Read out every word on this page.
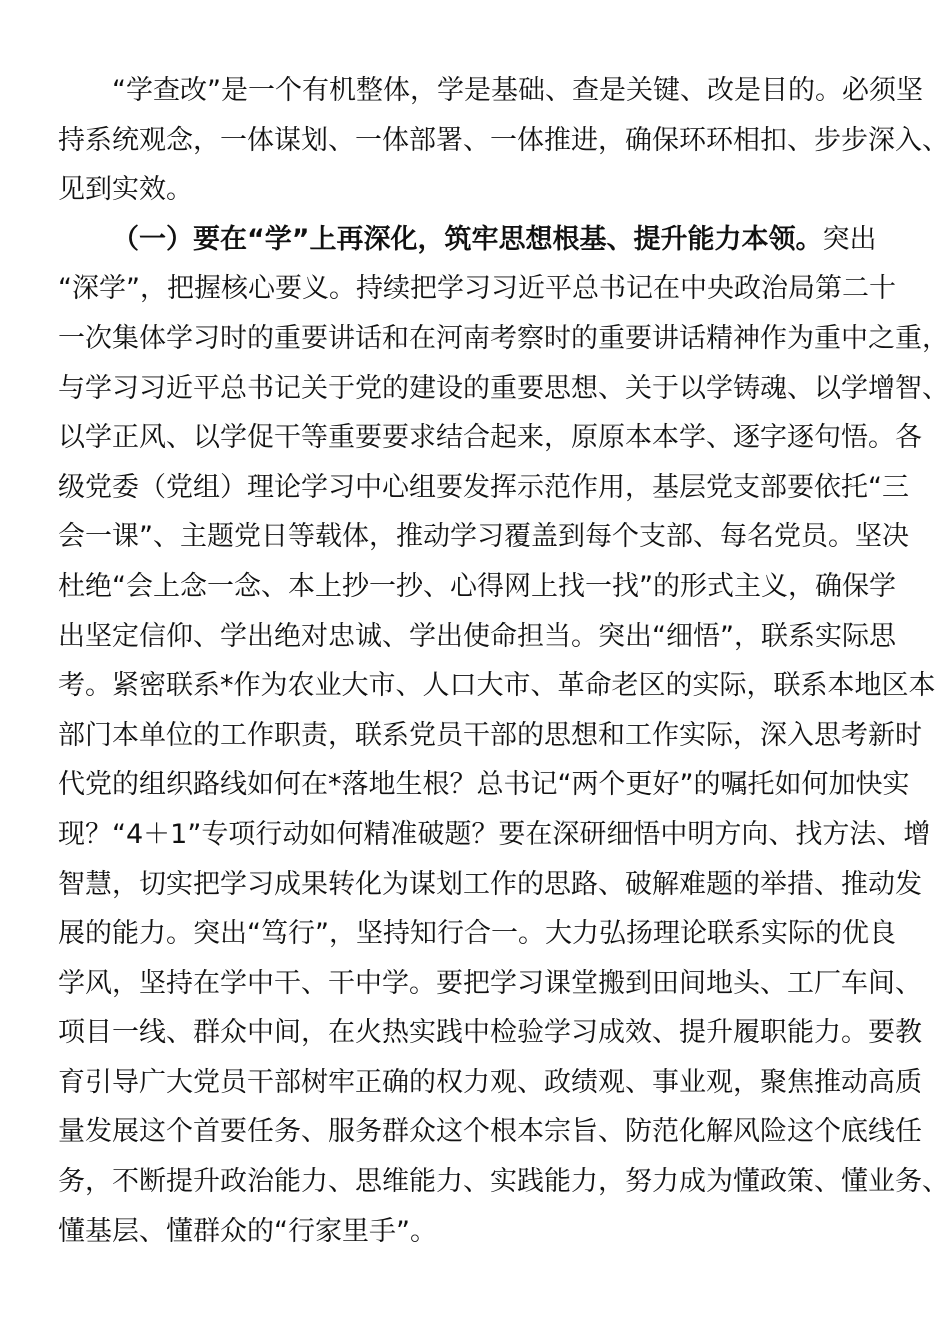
“学查改”是一个有机整体，学是基础、查是关键、改是目的。必须坚
持系统观念，一体谋划、一体部署、一体推进，确保环环相扣、步步深入、
见到实效。
（一）要在“学”上再深化，筑牢思想根基、提升能力本领。突出
“深学”，把握核心要义。持续把学习习近平总书记在中央政治局第二十
一次集体学习时的重要讲话和在河南考察时的重要讲话精神作为重中之重，
与学习习近平总书记关于党的建设的重要思想、关于以学铸魂、以学增智、
以学正风、以学促干等重要要求结合起来，原原本本学、逐字逐句悟。各
级党委（党组）理论学习中心组要发挥示范作用，基层党支部要依托“三
会一课”、主题党日等载体，推动学习覆盖到每个支部、每名党员。坚决
杜绝“会上念一念、本上抄一抄、心得网上找一找”的形式主义，确保学
出坚定信仰、学出绝对忠诚、学出使命担当。突出“细悟”，联系实际思
考。紧密联系*作为农业大市、人口大市、革命老区的实际，联系本地区本
部门本单位的工作职责，联系党员干部的思想和工作实际，深入思考新时
代党的组织路线如何在*落地生根？总书记“两个更好”的嘱托如何加快实
现？“4＋1”专项行动如何精准破题？要在深研细悟中明方向、找方法、增
智慧，切实把学习成果转化为谋划工作的思路、破解难题的举措、推动发
展的能力。突出“笃行”，坚持知行合一。大力弘扬理论联系实际的优良
学风，坚持在学中干、干中学。要把学习课堂搬到田间地头、工厂车间、
项目一线、群众中间，在火热实践中检验学习成效、提升履职能力。要教
育引导广大党员干部树牢正确的权力观、政绩观、事业观，聚焦推动高质
量发展这个首要任务、服务群众这个根本宗旨、防范化解风险这个底线任
务，不断提升政治能力、思维能力、实践能力，努力成为懂政策、懂业务、
懂基层、懂群众的“行家里手”。
